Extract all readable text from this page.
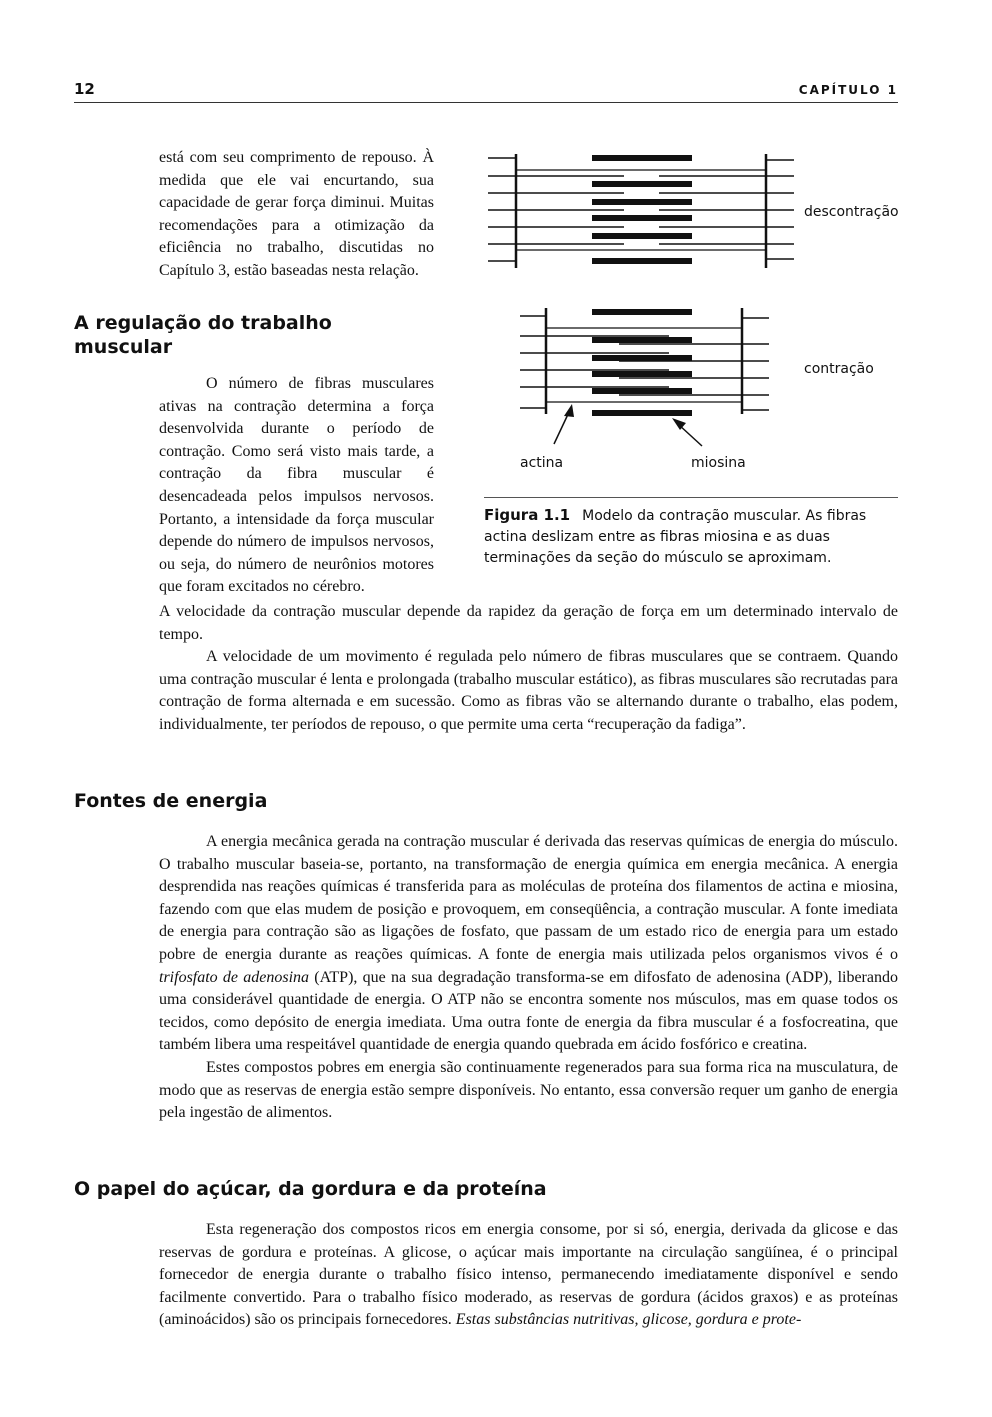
12	CAPÍTULO 1

está com seu comprimento de repouso. À medida que ele vai encurtando, sua capacidade de gerar força diminui. Muitas recomendações para a otimização da eficiência no trabalho, discutidas no Capítulo 3, estão baseadas nesta relação.

A regulação do trabalho muscular

O número de fibras musculares ativas na contração determina a força desenvolvida durante o período de contração. Como será visto mais tarde, a contração da fibra muscular é desencadeada pelos impulsos nervosos. Portanto, a intensidade da força muscular depende do número de impulsos nervosos, ou seja, do número de neurônios motores que foram excitados no cérebro.

A velocidade da contração muscular depende da rapidez da geração de força em um determinado intervalo de tempo.

A velocidade de um movimento é regulada pelo número de fibras musculares que se contraem. Quando uma contração muscular é lenta e prolongada (trabalho muscular estático), as fibras musculares são recrutadas para contração de forma alternada e em sucessão. Como as fibras vão se alternando durante o trabalho, elas podem, individualmente, ter períodos de repouso, o que permite uma certa “recuperação da fadiga”.

descontração
contração
actina	miosina
Figura 1.1 Modelo da contração muscular. As fibras actina deslizam entre as fibras miosina e as duas terminações da seção do músculo se aproximam.
Fontes de energia

A energia mecânica gerada na contração muscular é derivada das reservas químicas de energia do músculo. O trabalho muscular baseia-se, portanto, na transformação de energia química em energia mecânica. A energia desprendida nas reações químicas é transferida para as moléculas de proteína dos filamentos de actina e miosina, fazendo com que elas mudem de posição e provoquem, em conseqüência, a contração muscular. A fonte imediata de energia para contração são as ligações de fosfato, que passam de um estado rico de energia para um estado pobre de energia durante as reações químicas. A fonte de energia mais utilizada pelos organismos vivos é o trifosfato de adenosina (ATP), que na sua degradação transforma-se em difosfato de adenosina (ADP), liberando uma considerável quantidade de energia. O ATP não se encontra somente nos músculos, mas em quase todos os tecidos, como depósito de energia imediata. Uma outra fonte de energia da fibra muscular é a fosfocreatina, que também libera uma respeitável quantidade de energia quando quebrada em ácido fosfórico e creatina.

Estes compostos pobres em energia são continuamente regenerados para sua forma rica na musculatura, de modo que as reservas de energia estão sempre disponíveis. No entanto, essa conversão requer um ganho de energia pela ingestão de alimentos.

O papel do açúcar, da gordura e da proteína

Esta regeneração dos compostos ricos em energia consome, por si só, energia, derivada da glicose e das reservas de gordura e proteínas. A glicose, o açúcar mais importante na circulação sangüínea, é o principal fornecedor de energia durante o trabalho físico intenso, permanecendo imediatamente disponível e sendo facilmente convertido. Para o trabalho físico moderado, as reservas de gordura (ácidos graxos) e as proteínas (aminoácidos) são os principais fornecedores. Estas substâncias nutritivas, glicose, gordura e prote-
